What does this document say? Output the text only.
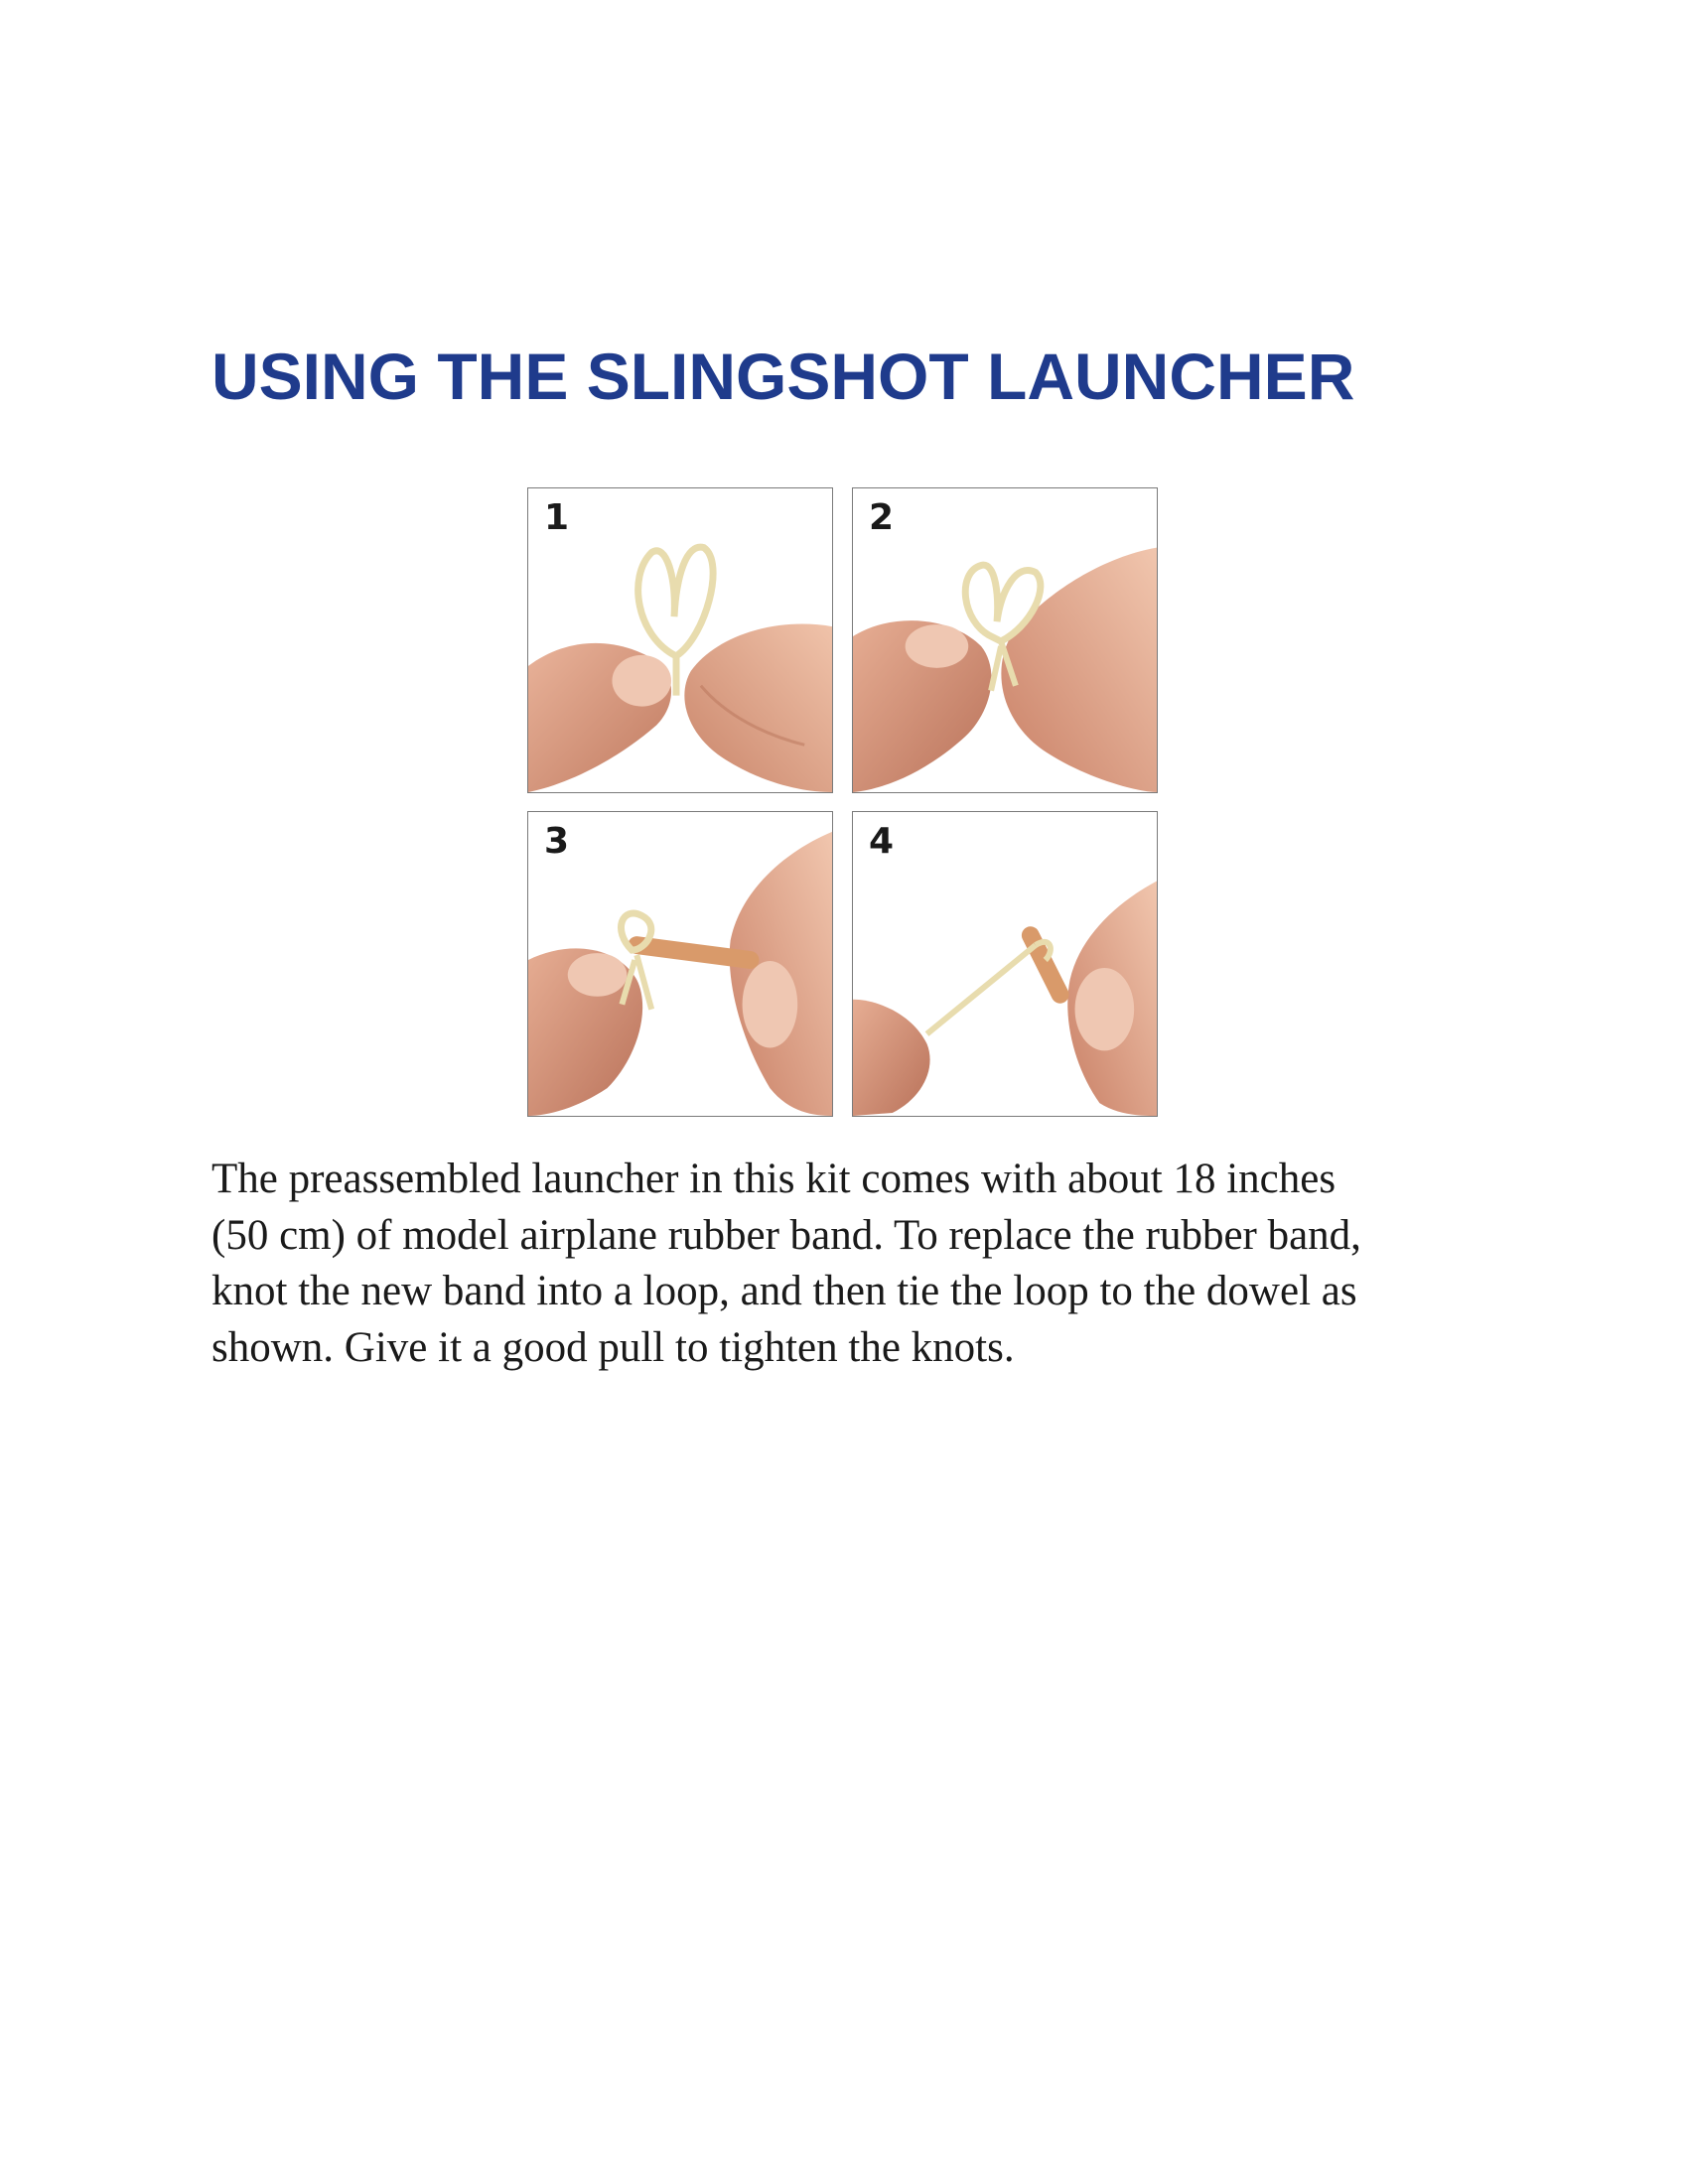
USING THE SLINGSHOT LAUNCHER
1	2
3	4

The preassembled launcher in this kit comes with about 18 inches
(50 cm) of model airplane rubber band. To replace the rubber band,
knot the new band into a loop, and then tie the loop to the dowel as
shown. Give it a good pull to tighten the knots.
